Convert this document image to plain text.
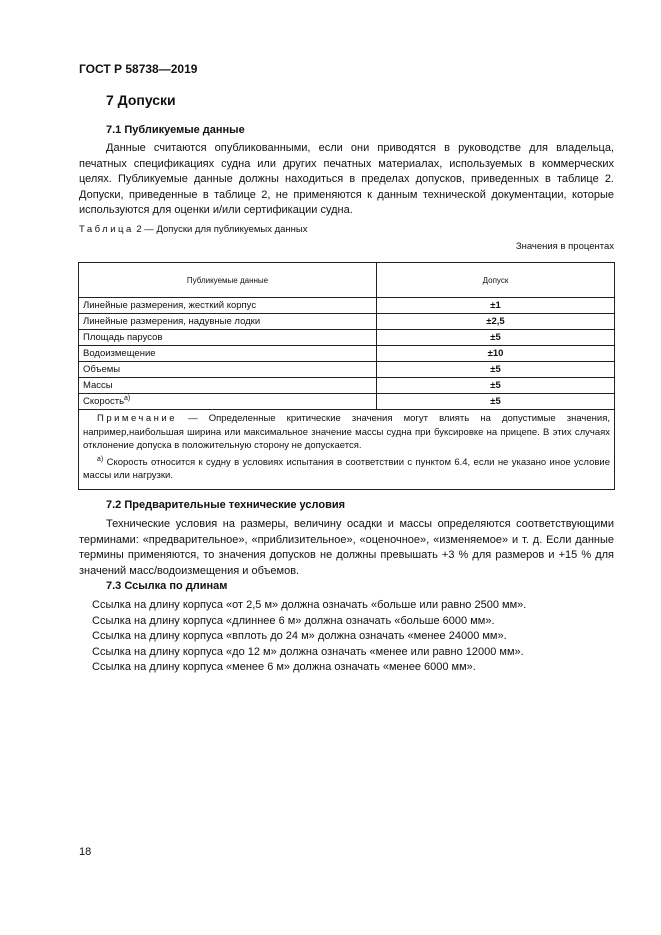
ГОСТ Р 58738—2019
7 Допуски
7.1 Публикуемые данные
Данные считаются опубликованными, если они приводятся в руководстве для владельца, печатных спецификациях судна или других печатных материалах, используемых в коммерческих целях. Публикуемые данные должны находиться в пределах допусков, приведенных в таблице 2. Допуски, приведенные в таблице 2, не применяются к данным технической документации, которые используются для оценки и/или сертификации судна.
Таблица 2 — Допуски для публикуемых данных
Значения в процентах
Публикуемые данные	Допуск
Линейные размерения, жесткий корпус	±1
Линейные размерения, надувные лодки	±2,5
Площадь парусов	±5
Водоизмещение	±10
Объемы	±5
Массы	±5
Скорость$^{а)}$	±5
Примечание — Определенные критические значения могут влиять на допустимые значения, например,наибольшая ширина или максимальное значение массы судна при буксировке на прицепе. В этих случаях отклонение допуска в положительную сторону не допускается.
$^{а)}$ Скорость относится к судну в условиях испытания в соответствии с пунктом 6.4, если не указано иное условие массы или нагрузки.	
7.2 Предварительные технические условия
Технические условия на размеры, величину осадки и массы определяются соответствующими терминами: «предварительное», «приблизительное», «оценочное», «изменяемое» и т. д. Если данные термины применяются, то значения допусков не должны превышать +3 % для размеров и +15 % для значений масс/водоизмещения и объемов.
7.3 Ссылка по длинам
Ссылка на длину корпуса «от 2,5 м» должна означать «больше или равно 2500 мм».
Ссылка на длину корпуса «длиннее 6 м» должна означать «больше 6000 мм».
Ссылка на длину корпуса «вплоть до 24 м» должна означать «менее 24000 мм».
Ссылка на длину корпуса «до 12 м» должна означать «менее или равно 12000 мм».
Ссылка на длину корпуса «менее 6 м» должна означать «менее 6000 мм».
18
